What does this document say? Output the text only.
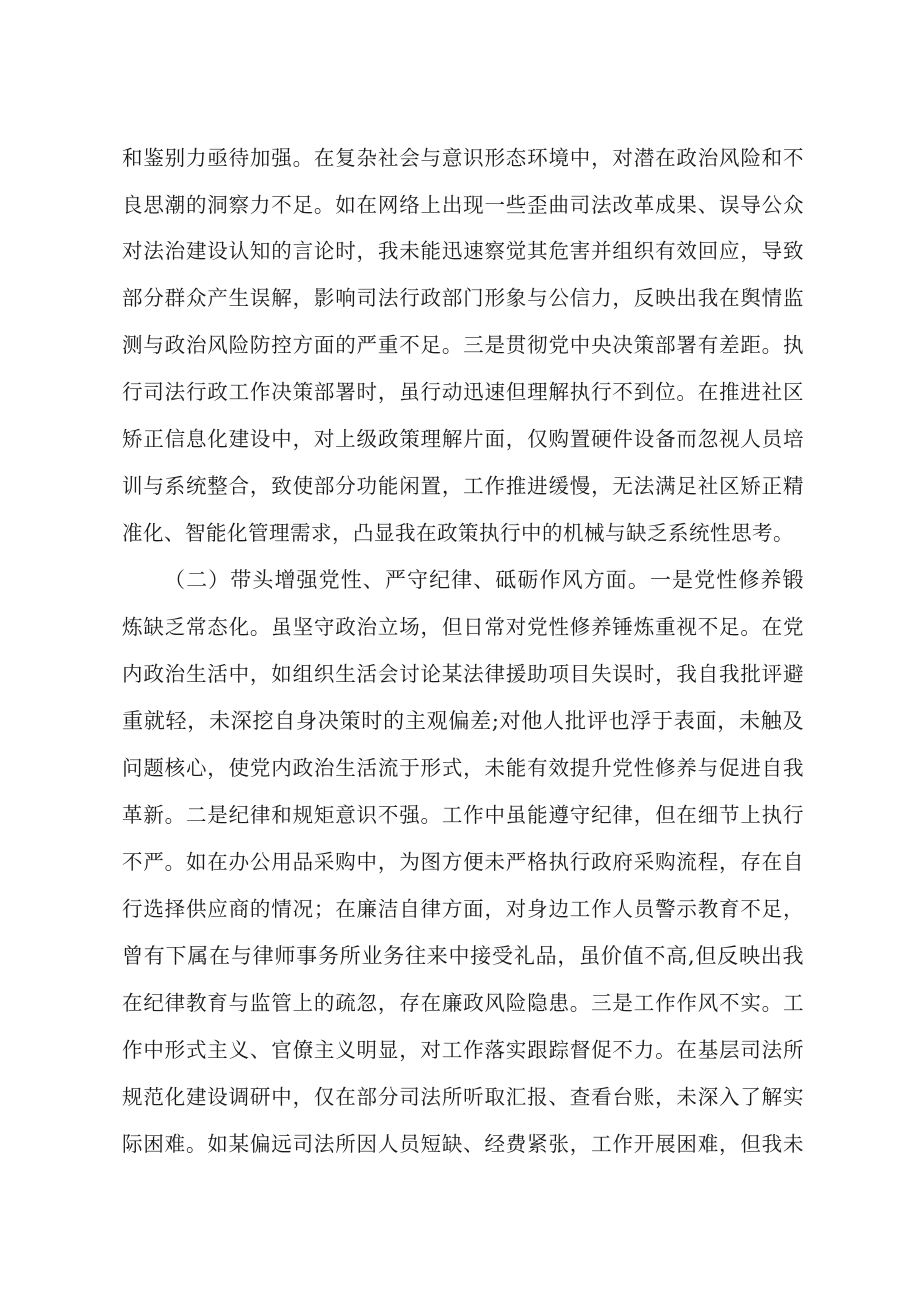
和鉴别力亟待加强。在复杂社会与意识形态环境中，对潜在政治风险和不
良思潮的洞察力不足。如在网络上出现一些歪曲司法改革成果、误导公众
对法治建设认知的言论时，我未能迅速察觉其危害并组织有效回应，导致
部分群众产生误解，影响司法行政部门形象与公信力，反映出我在舆情监
测与政治风险防控方面的严重不足。三是贯彻党中央决策部署有差距。执
行司法行政工作决策部署时，虽行动迅速但理解执行不到位。在推进社区
矫正信息化建设中，对上级政策理解片面，仅购置硬件设备而忽视人员培
训与系统整合，致使部分功能闲置，工作推进缓慢，无法满足社区矫正精
准化、智能化管理需求，凸显我在政策执行中的机械与缺乏系统性思考。
（二）带头增强党性、严守纪律、砥砺作风方面。一是党性修养锻
炼缺乏常态化。虽坚守政治立场，但日常对党性修养锤炼重视不足。在党
内政治生活中，如组织生活会讨论某法律援助项目失误时，我自我批评避
重就轻，未深挖自身决策时的主观偏差;对他人批评也浮于表面，未触及
问题核心，使党内政治生活流于形式，未能有效提升党性修养与促进自我
革新。二是纪律和规矩意识不强。工作中虽能遵守纪律，但在细节上执行
不严。如在办公用品采购中，为图方便未严格执行政府采购流程，存在自
行选择供应商的情况；在廉洁自律方面，对身边工作人员警示教育不足，
曾有下属在与律师事务所业务往来中接受礼品，虽价值不高,但反映出我
在纪律教育与监管上的疏忽，存在廉政风险隐患。三是工作作风不实。工
作中形式主义、官僚主义明显，对工作落实跟踪督促不力。在基层司法所
规范化建设调研中，仅在部分司法所听取汇报、查看台账，未深入了解实
际困难。如某偏远司法所因人员短缺、经费紧张，工作开展困难，但我未
